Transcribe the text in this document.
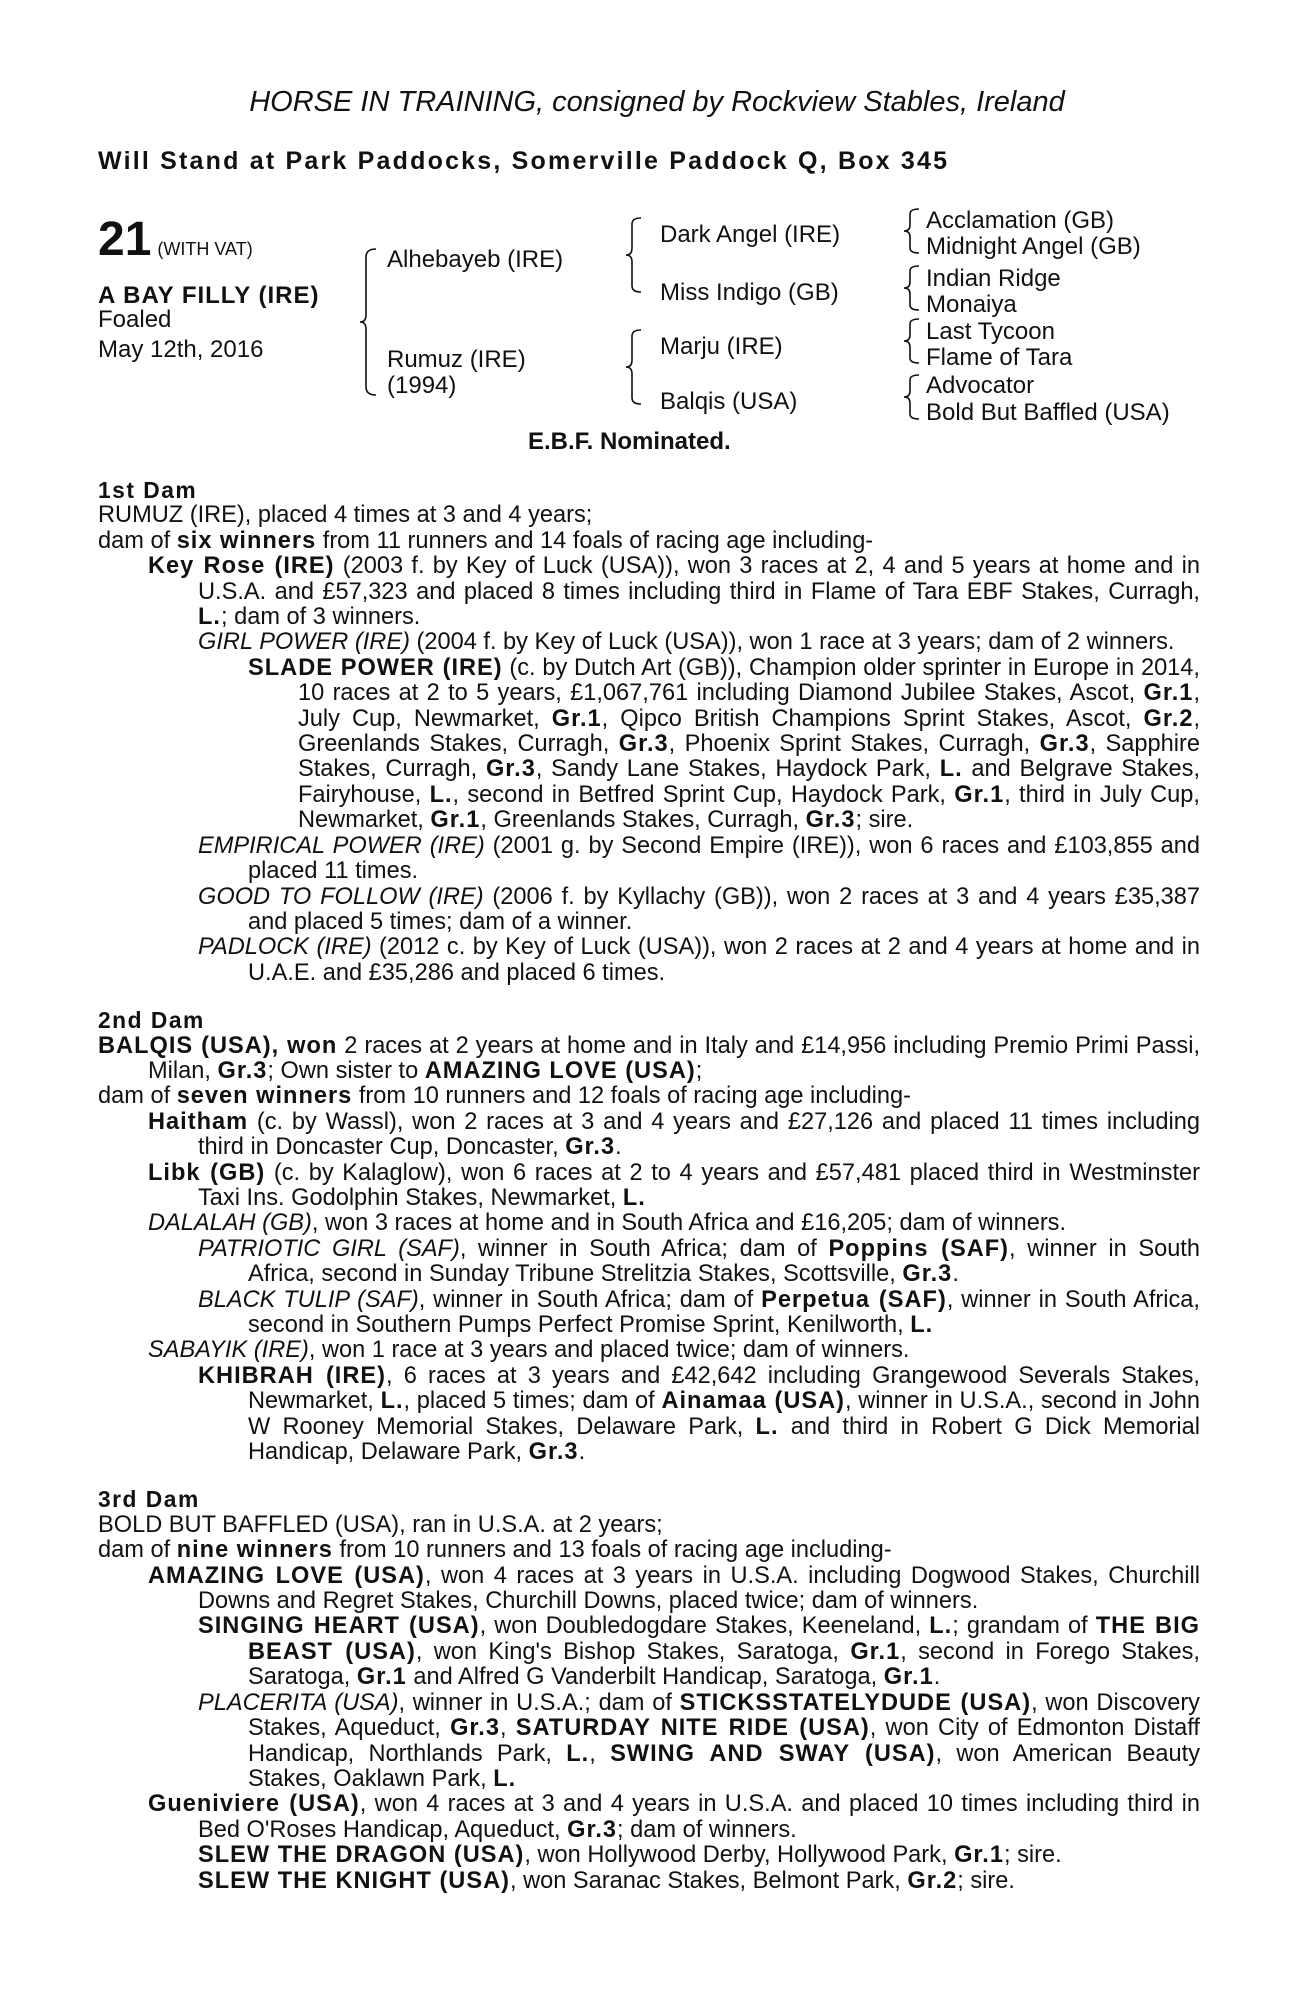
HORSE IN TRAINING, consigned by Rockview Stables, Ireland
Will Stand at Park Paddocks, Somerville Paddock Q, Box 345
21 (WITH VAT)
A BAY FILLY (IRE)
Foaled
May 12th, 2016
Alhebayeb (IRE)
Rumuz (IRE)
(1994)
Dark Angel (IRE)
Miss Indigo (GB)
Marju (IRE)
Balqis (USA)
Acclamation (GB)
Midnight Angel (GB)
Indian Ridge
Monaiya
Last Tycoon
Flame of Tara
Advocator
Bold But Baffled (USA)
E.B.F. Nominated.
1st Dam
RUMUZ (IRE), placed 4 times at 3 and 4 years;
dam of six winners from 11 runners and 14 foals of racing age including-
Key Rose (IRE) (2003 f. by Key of Luck (USA)), won 3 races at 2, 4 and 5 years at home and in U.S.A. and £57,323 and placed 8 times including third in Flame of Tara EBF Stakes, Curragh, L.; dam of 3 winners.
GIRL POWER (IRE) (2004 f. by Key of Luck (USA)), won 1 race at 3 years; dam of 2 winners.
SLADE POWER (IRE) (c. by Dutch Art (GB)), Champion older sprinter in Europe in 2014, 10 races at 2 to 5 years, £1,067,761 including Diamond Jubilee Stakes, Ascot, Gr.1, July Cup, Newmarket, Gr.1, Qipco British Champions Sprint Stakes, Ascot, Gr.2, Greenlands Stakes, Curragh, Gr.3, Phoenix Sprint Stakes, Curragh, Gr.3, Sapphire Stakes, Curragh, Gr.3, Sandy Lane Stakes, Haydock Park, L. and Belgrave Stakes, Fairyhouse, L., second in Betfred Sprint Cup, Haydock Park, Gr.1, third in July Cup, Newmarket, Gr.1, Greenlands Stakes, Curragh, Gr.3; sire.
EMPIRICAL POWER (IRE) (2001 g. by Second Empire (IRE)), won 6 races and £103,855 and placed 11 times.
GOOD TO FOLLOW (IRE) (2006 f. by Kyllachy (GB)), won 2 races at 3 and 4 years £35,387 and placed 5 times; dam of a winner.
PADLOCK (IRE) (2012 c. by Key of Luck (USA)), won 2 races at 2 and 4 years at home and in U.A.E. and £35,286 and placed 6 times.
2nd Dam
BALQIS (USA), won 2 races at 2 years at home and in Italy and £14,956 including Premio Primi Passi, Milan, Gr.3; Own sister to AMAZING LOVE (USA);
dam of seven winners from 10 runners and 12 foals of racing age including-
Haitham (c. by Wassl), won 2 races at 3 and 4 years and £27,126 and placed 11 times including third in Doncaster Cup, Doncaster, Gr.3.
Libk (GB) (c. by Kalaglow), won 6 races at 2 to 4 years and £57,481 placed third in Westminster Taxi Ins. Godolphin Stakes, Newmarket, L.
DALALAH (GB), won 3 races at home and in South Africa and £16,205; dam of winners.
PATRIOTIC GIRL (SAF), winner in South Africa; dam of Poppins (SAF), winner in South Africa, second in Sunday Tribune Strelitzia Stakes, Scottsville, Gr.3.
BLACK TULIP (SAF), winner in South Africa; dam of Perpetua (SAF), winner in South Africa, second in Southern Pumps Perfect Promise Sprint, Kenilworth, L.
SABAYIK (IRE), won 1 race at 3 years and placed twice; dam of winners.
KHIBRAH (IRE), 6 races at 3 years and £42,642 including Grangewood Severals Stakes, Newmarket, L., placed 5 times; dam of Ainamaa (USA), winner in U.S.A., second in John W Rooney Memorial Stakes, Delaware Park, L. and third in Robert G Dick Memorial Handicap, Delaware Park, Gr.3.
3rd Dam
BOLD BUT BAFFLED (USA), ran in U.S.A. at 2 years;
dam of nine winners from 10 runners and 13 foals of racing age including-
AMAZING LOVE (USA), won 4 races at 3 years in U.S.A. including Dogwood Stakes, Churchill Downs and Regret Stakes, Churchill Downs, placed twice; dam of winners.
SINGING HEART (USA), won Doubledogdare Stakes, Keeneland, L.; grandam of THE BIG BEAST (USA), won King's Bishop Stakes, Saratoga, Gr.1, second in Forego Stakes, Saratoga, Gr.1 and Alfred G Vanderbilt Handicap, Saratoga, Gr.1.
PLACERITA (USA), winner in U.S.A.; dam of STICKSSTATELYDUDE (USA), won Discovery Stakes, Aqueduct, Gr.3, SATURDAY NITE RIDE (USA), won City of Edmonton Distaff Handicap, Northlands Park, L., SWING AND SWAY (USA), won American Beauty Stakes, Oaklawn Park, L.
Gueniviere (USA), won 4 races at 3 and 4 years in U.S.A. and placed 10 times including third in Bed O'Roses Handicap, Aqueduct, Gr.3; dam of winners.
SLEW THE DRAGON (USA), won Hollywood Derby, Hollywood Park, Gr.1; sire.
SLEW THE KNIGHT (USA), won Saranac Stakes, Belmont Park, Gr.2; sire.
